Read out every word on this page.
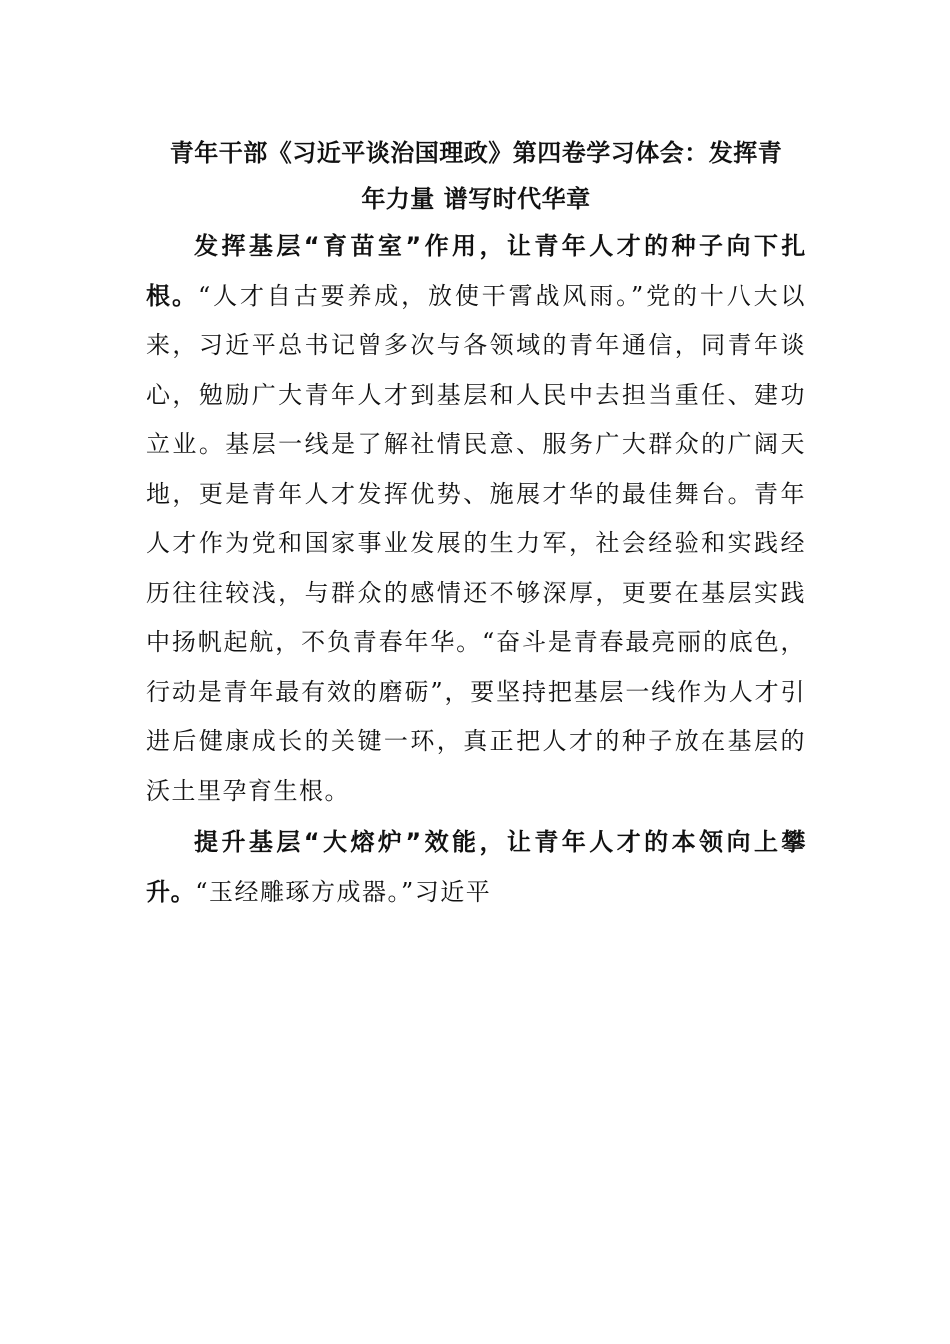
青年干部《习近平谈治国理政》第四卷学习体会：发挥青
年力量 谱写时代华章

发挥基层“育苗室”作用，让青年人才的种子向下扎根。“人才自古要养成，放使干霄战风雨。”党的十八大以来，习近平总书记曾多次与各领域的青年通信，同青年谈心，勉励广大青年人才到基层和人民中去担当重任、建功立业。基层一线是了解社情民意、服务广大群众的广阔天地，更是青年人才发挥优势、施展才华的最佳舞台。青年人才作为党和国家事业发展的生力军，社会经验和实践经历往往较浅，与群众的感情还不够深厚，更要在基层实践中扬帆起航，不负青春年华。“奋斗是青春最亮丽的底色，行动是青年最有效的磨砺”，要坚持把基层一线作为人才引进后健康成长的关键一环，真正把人才的种子放在基层的沃土里孕育生根。

提升基层“大熔炉”效能，让青年人才的本领向上攀升。“玉经雕琢方成器。”习近平
